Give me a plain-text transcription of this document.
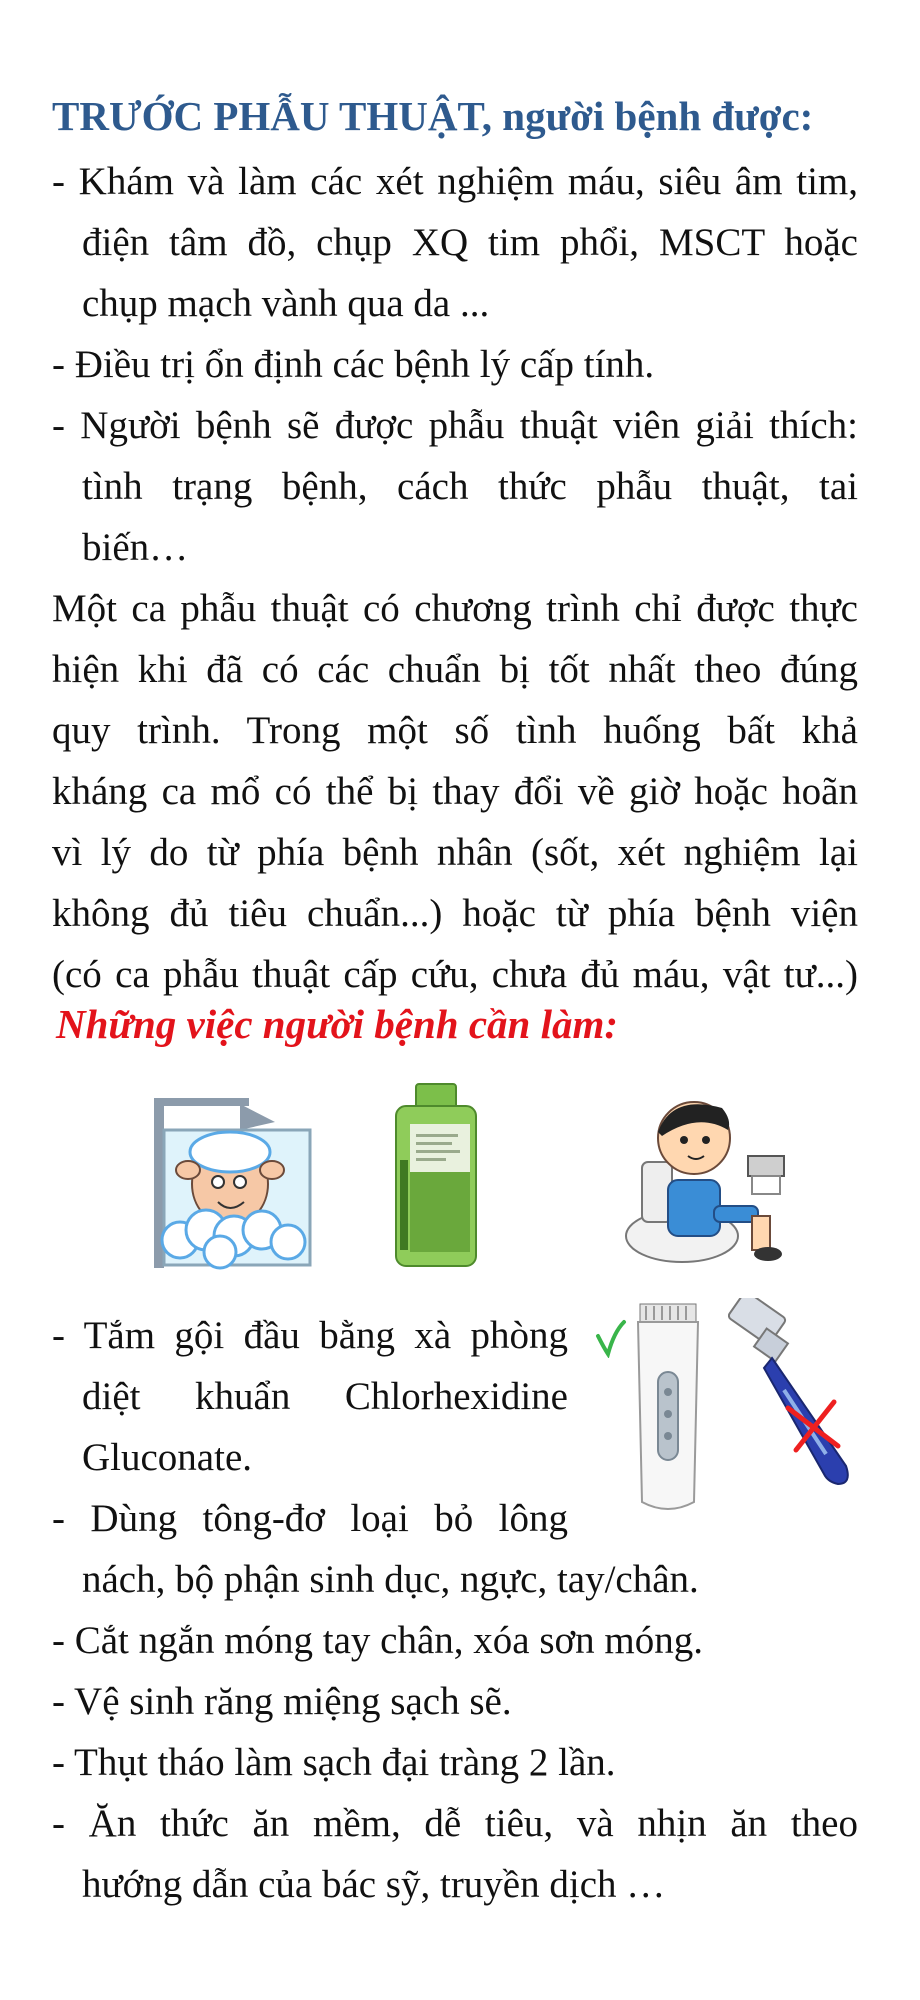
TRƯỚC PHẪU THUẬT, người bệnh được:

- Khám và làm các xét nghiệm máu, siêu âm tim,

điện tâm đồ, chụp XQ tim phổi, MSCT hoặc

chụp mạch vành qua da ...

- Điều trị ổn định các bệnh lý cấp tính.

- Người bệnh sẽ được phẫu thuật viên giải thích:

tình trạng bệnh, cách thức phẫu thuật, tai

biến…

Một ca phẫu thuật có chương trình chỉ được thực

hiện khi đã có các chuẩn bị tốt nhất theo đúng

quy trình. Trong một số tình huống bất khả

kháng ca mổ có thể bị thay đổi về giờ hoặc hoãn

vì lý do từ phía bệnh nhân (sốt, xét nghiệm lại

không đủ tiêu chuẩn...) hoặc từ phía bệnh viện

(có ca phẫu thuật cấp cứu, chưa đủ máu, vật tư...)

Những việc người bệnh cần làm:

- Tắm gội đầu bằng xà phòng

diệt khuẩn Chlorhexidine

Gluconate.

- Dùng tông-đơ loại bỏ lông

nách, bộ phận sinh dục, ngực, tay/chân.

- Cắt ngắn móng tay chân, xóa sơn móng.

- Vệ sinh răng miệng sạch sẽ.

- Thụt tháo làm sạch đại tràng 2 lần.

- Ăn thức ăn mềm, dễ tiêu, và nhịn ăn theo

hướng dẫn của bác sỹ, truyền dịch …
